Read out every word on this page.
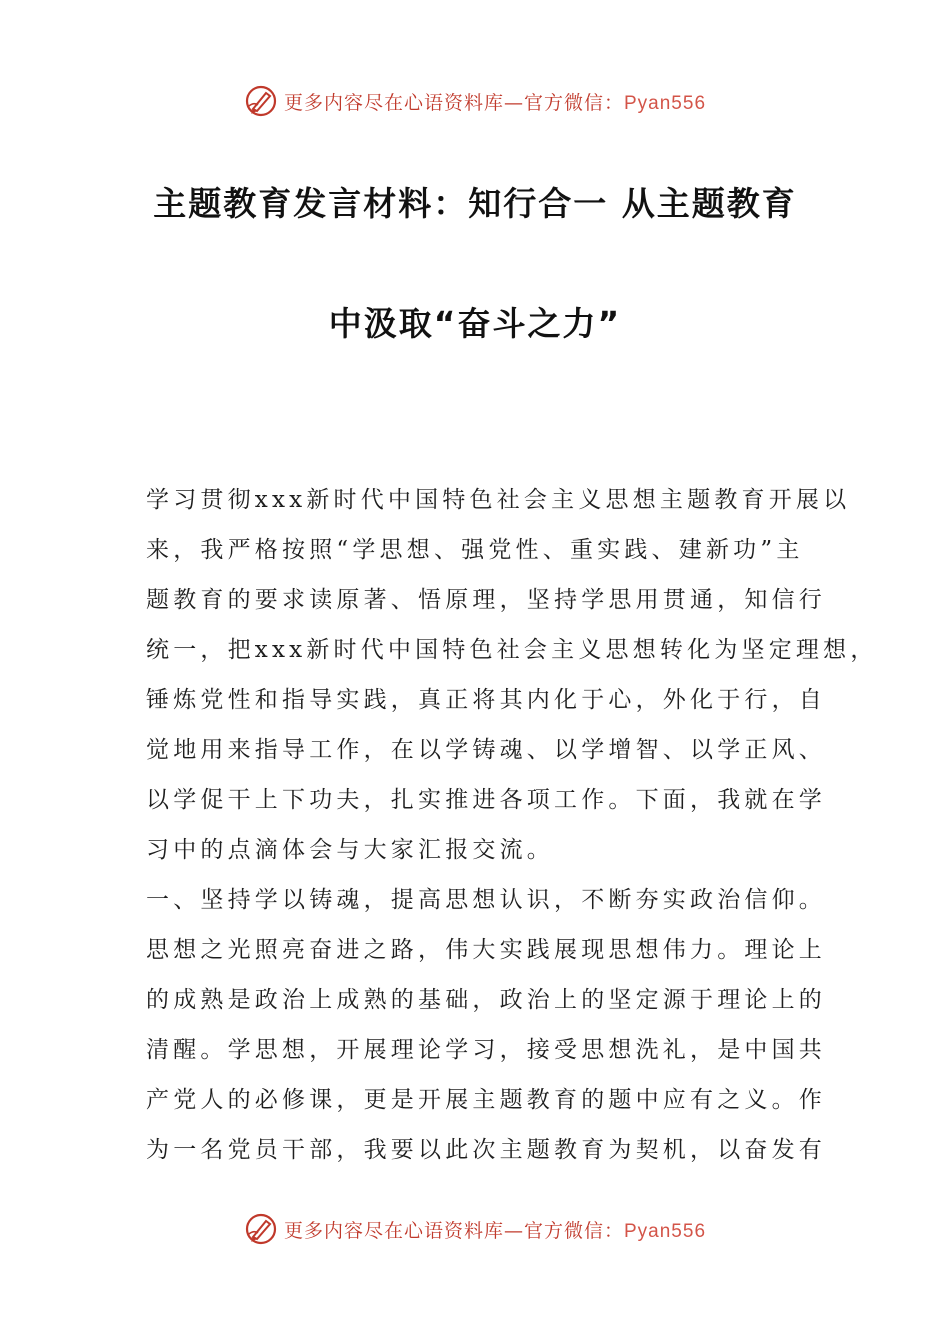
更多内容尽在心语资料库—官方微信：Pyan556
主题教育发言材料：知行合一 从主题教育
中汲取“奋斗之力”
学习贯彻xxx新时代中国特色社会主义思想主题教育开展以
来，我严格按照“学思想、强党性、重实践、建新功”主
题教育的要求读原著、悟原理，坚持学思用贯通，知信行
统一，把xxx新时代中国特色社会主义思想转化为坚定理想，
锤炼党性和指导实践，真正将其内化于心，外化于行，自
觉地用来指导工作，在以学铸魂、以学增智、以学正风、
以学促干上下功夫，扎实推进各项工作。下面，我就在学
习中的点滴体会与大家汇报交流。
一、坚持学以铸魂，提高思想认识，不断夯实政治信仰。
思想之光照亮奋进之路，伟大实践展现思想伟力。理论上
的成熟是政治上成熟的基础，政治上的坚定源于理论上的
清醒。学思想，开展理论学习，接受思想洗礼，是中国共
产党人的必修课，更是开展主题教育的题中应有之义。作
为一名党员干部，我要以此次主题教育为契机，以奋发有
更多内容尽在心语资料库—官方微信：Pyan556
